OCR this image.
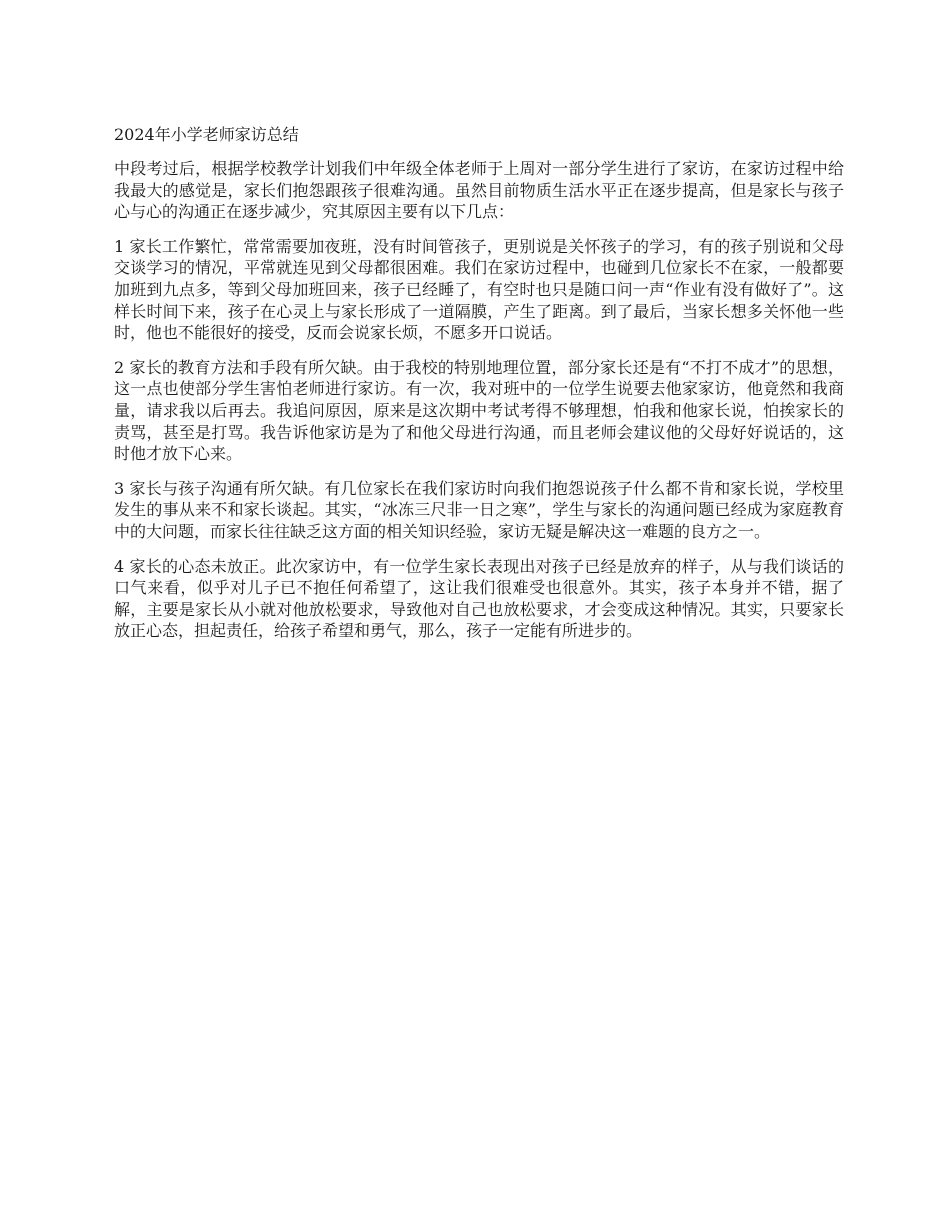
2024年小学老师家访总结

中段考过后，根据学校教学计划我们中年级全体老师于上周对一部分学生进行了家访，在家访过程中给我最大的感觉是，家长们抱怨跟孩子很难沟通。虽然目前物质生活水平正在逐步提高，但是家长与孩子心与心的沟通正在逐步减少，究其原因主要有以下几点：

1 家长工作繁忙，常常需要加夜班，没有时间管孩子，更别说是关怀孩子的学习，有的孩子别说和父母交谈学习的情况，平常就连见到父母都很困难。我们在家访过程中，也碰到几位家长不在家，一般都要加班到九点多，等到父母加班回来，孩子已经睡了，有空时也只是随口问一声“作业有没有做好了”。这样长时间下来，孩子在心灵上与家长形成了一道隔膜，产生了距离。到了最后，当家长想多关怀他一些时，他也不能很好的接受，反而会说家长烦，不愿多开口说话。

2 家长的教育方法和手段有所欠缺。由于我校的特别地理位置，部分家长还是有“不打不成才”的思想，这一点也使部分学生害怕老师进行家访。有一次，我对班中的一位学生说要去他家家访，他竟然和我商量，请求我以后再去。我追问原因，原来是这次期中考试考得不够理想，怕我和他家长说，怕挨家长的责骂，甚至是打骂。我告诉他家访是为了和他父母进行沟通，而且老师会建议他的父母好好说话的，这时他才放下心来。

3 家长与孩子沟通有所欠缺。有几位家长在我们家访时向我们抱怨说孩子什么都不肯和家长说，学校里发生的事从来不和家长谈起。其实，“冰冻三尺非一日之寒”，学生与家长的沟通问题已经成为家庭教育中的大问题，而家长往往缺乏这方面的相关知识经验，家访无疑是解决这一难题的良方之一。

4 家长的心态未放正。此次家访中，有一位学生家长表现出对孩子已经是放弃的样子，从与我们谈话的口气来看，似乎对儿子已不抱任何希望了，这让我们很难受也很意外。其实，孩子本身并不错，据了解，主要是家长从小就对他放松要求，导致他对自己也放松要求，才会变成这种情况。其实，只要家长放正心态，担起责任，给孩子希望和勇气，那么，孩子一定能有所进步的。
